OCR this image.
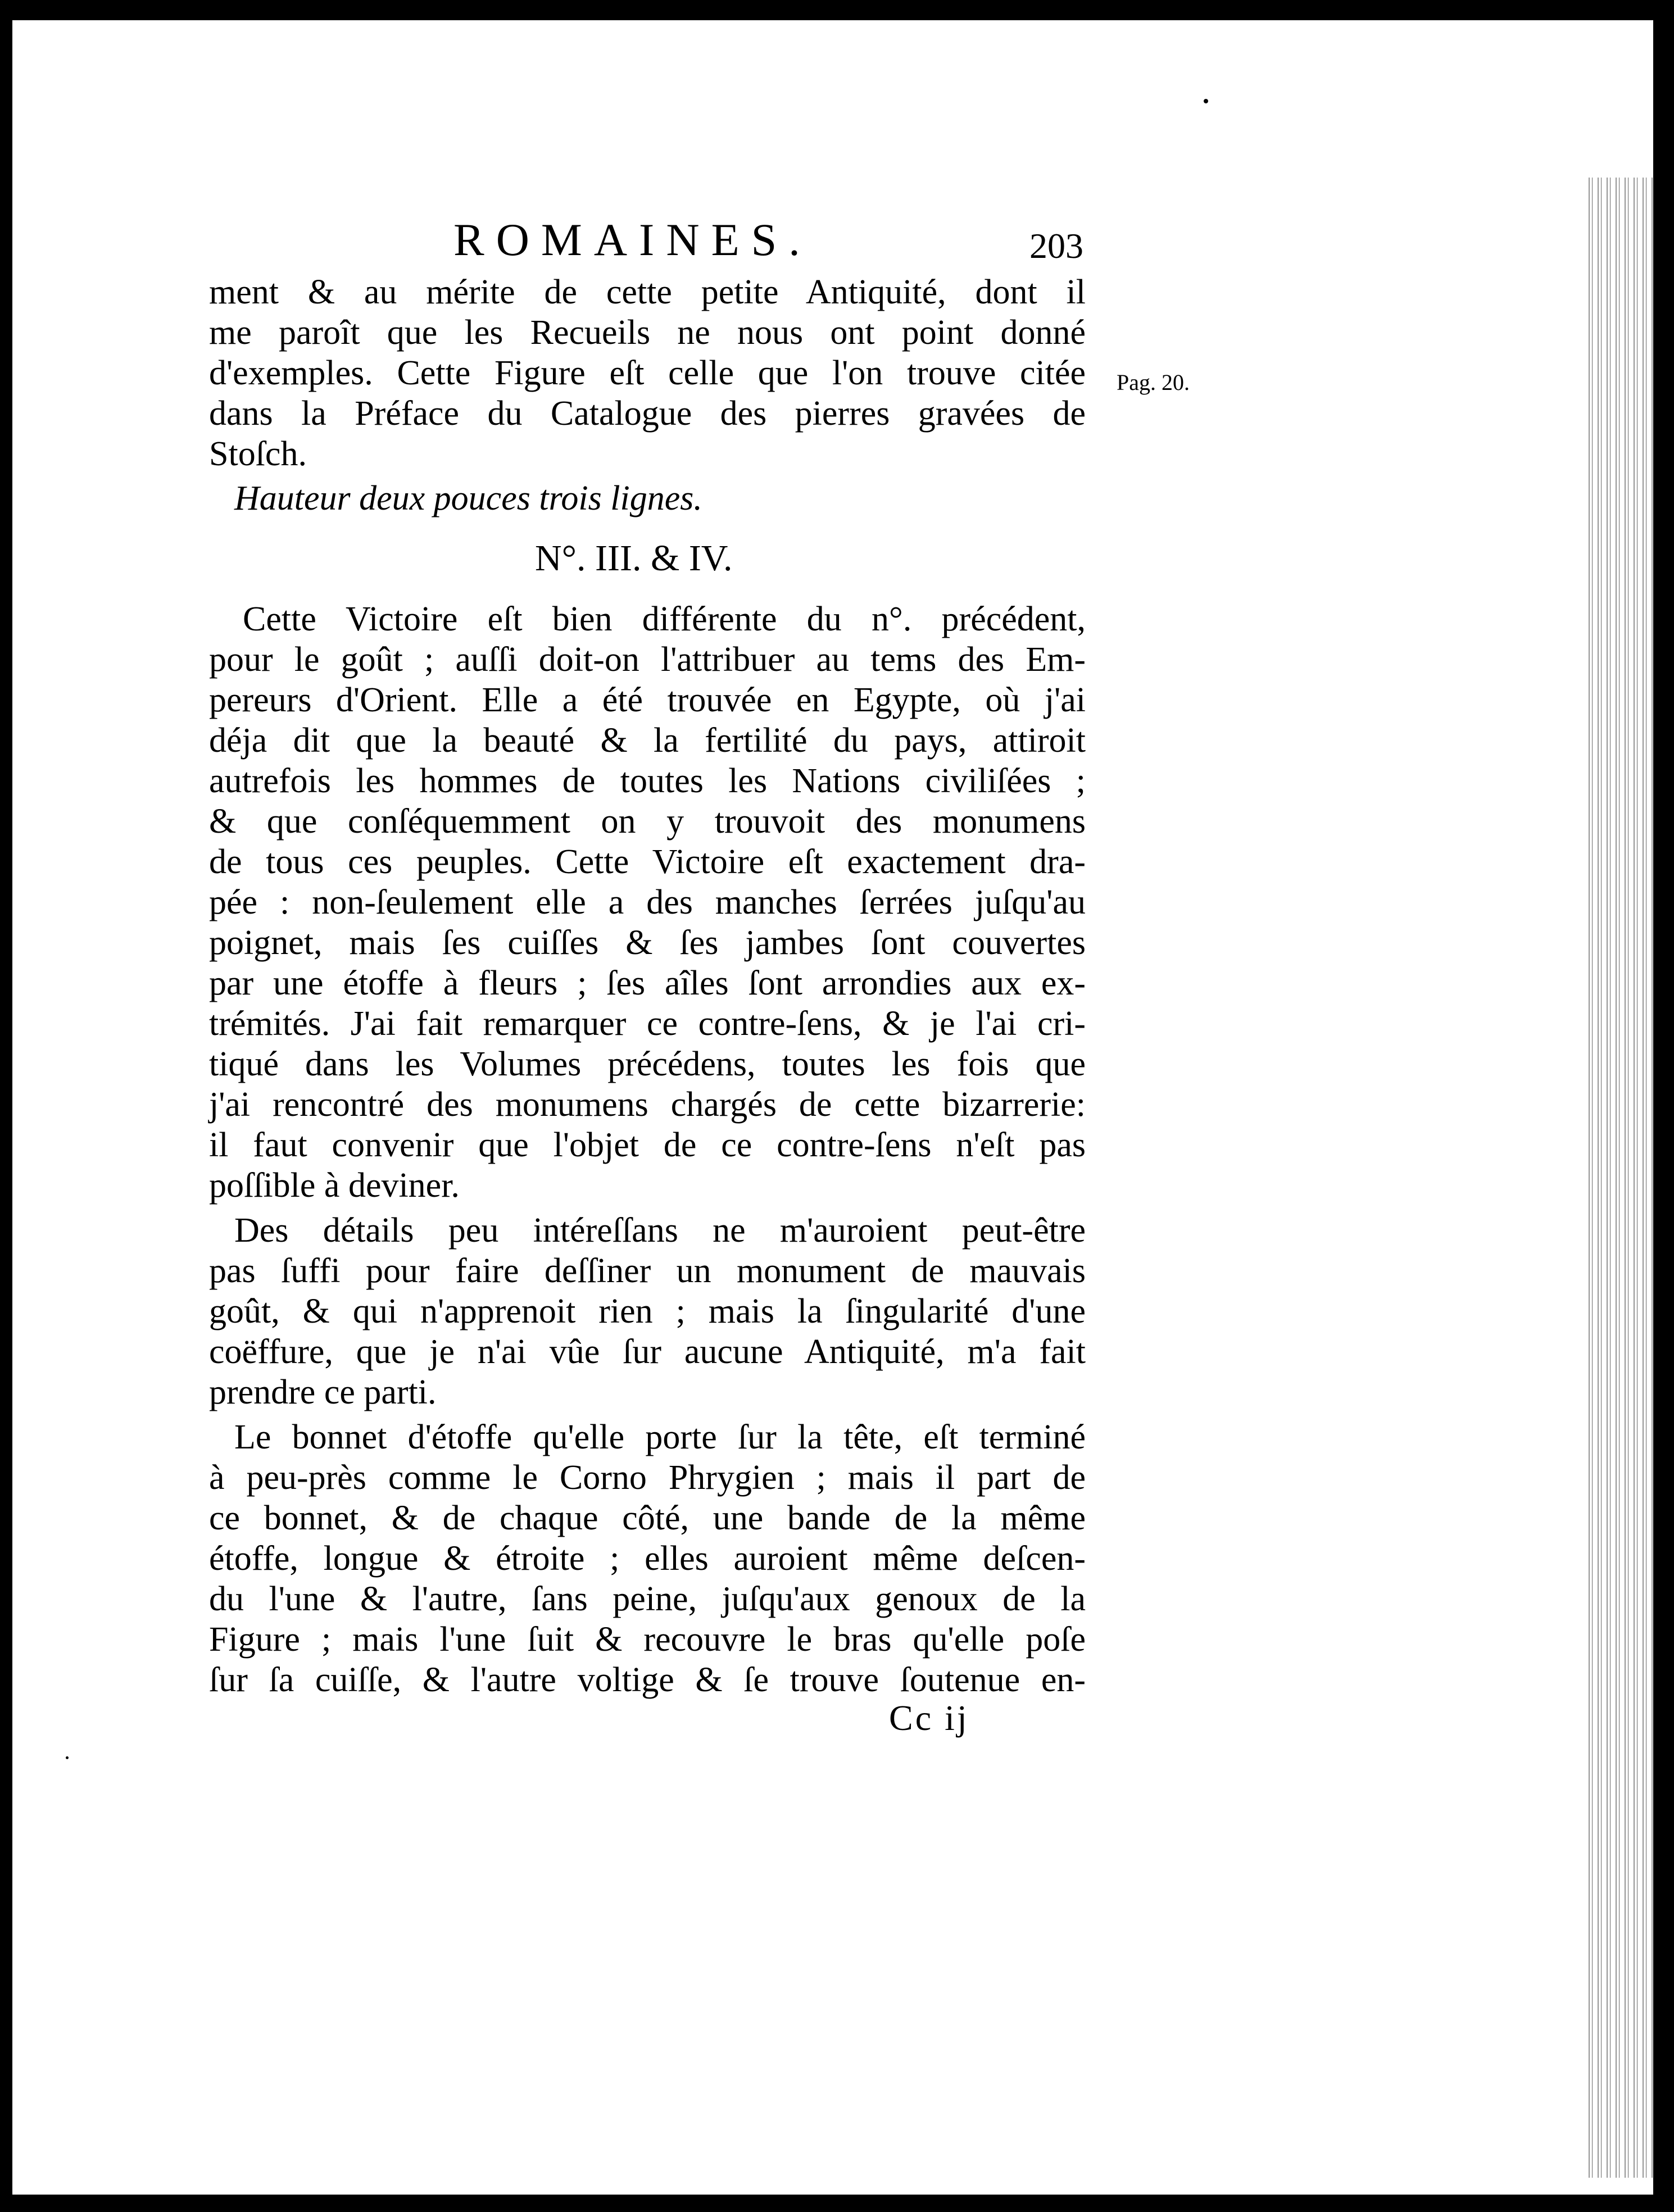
ROMAINES.	203
Pag. 20.
ment & au mérite de cette petite Antiquité, dont il
me paroît que les Recueils ne nous ont point donné
d'exemples. Cette Figure eſt celle que l'on trouve citée
dans la Préface du Catalogue des pierres gravées de
Stoſch.
Hauteur deux pouces trois lignes.
N°. III. & IV.
Cette Victoire eſt bien différente du n°. précédent,
pour le goût ; auſſi doit-on l'attribuer au tems des Em-
pereurs d'Orient. Elle a été trouvée en Egypte, où j'ai
déja dit que la beauté & la fertilité du pays, attiroit
autrefois les hommes de toutes les Nations civiliſées ;
& que conſéquemment on y trouvoit des monumens
de tous ces peuples. Cette Victoire eſt exactement dra-
pée : non-ſeulement elle a des manches ſerrées juſqu'au
poignet, mais ſes cuiſſes & ſes jambes ſont couvertes
par une étoffe à fleurs ; ſes aîles ſont arrondies aux ex-
trémités. J'ai fait remarquer ce contre-ſens, & je l'ai cri-
tiqué dans les Volumes précédens, toutes les fois que
j'ai rencontré des monumens chargés de cette bizarrerie:
il faut convenir que l'objet de ce contre-ſens n'eſt pas
poſſible à deviner.
Des détails peu intéreſſans ne m'auroient peut-être
pas ſuffi pour faire deſſiner un monument de mauvais
goût, & qui n'apprenoit rien ; mais la ſingularité d'une
coëffure, que je n'ai vûe ſur aucune Antiquité, m'a fait
prendre ce parti.
Le bonnet d'étoffe qu'elle porte ſur la tête, eſt terminé
à peu-près comme le Corno Phrygien ; mais il part de
ce bonnet, & de chaque côté, une bande de la même
étoffe, longue & étroite ; elles auroient même deſcen-
du l'une & l'autre, ſans peine, juſqu'aux genoux de la
Figure ; mais l'une ſuit & recouvre le bras qu'elle poſe
ſur ſa cuiſſe, & l'autre voltige & ſe trouve ſoutenue en-
Cc ij
